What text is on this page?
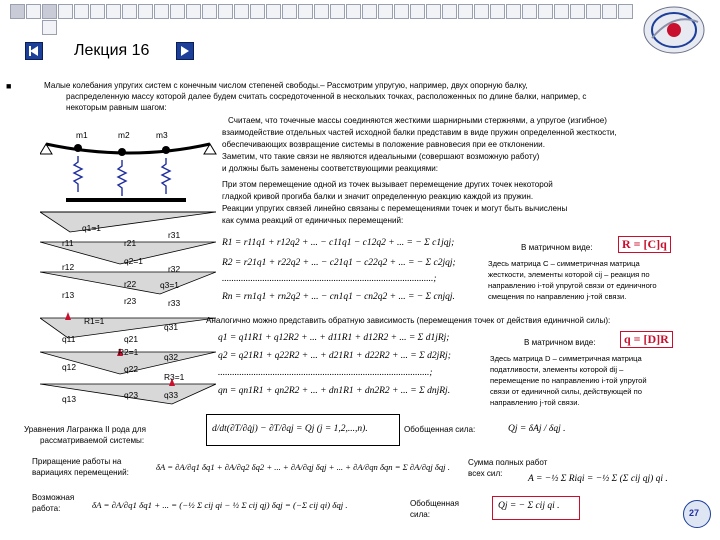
Лекция 16
■	Малые колебания упругих систем с конечным числом степеней свободы.– Рассмотрим упругую, например, двух опорную балку,
распределенную массу которой далее будем считать сосредоточенной в нескольких точках, расположенных по длине балки, например, с
некоторым равным шагом:
Считаем, что точечные массы соединяются жесткими шарнирными стержнями, а упругое (изгибное)
взаимодействие отдельных частей исходной балки представим в виде пружин определенной жесткости,
обеспечивающих возвращение системы в положение равновесия при ее отклонении.
Заметим, что такие связи не являются идеальными (совершают возможную работу)
и должны быть заменены соответствующими реакциями:
При этом перемещение одной из точек вызывает перемещение других точек некоторой
гладкой кривой прогиба балки и значит определенную реакцию каждой из пружин.
Реакции упругих связей линейно связаны с перемещениями точек и могут быть вычислены
как сумма реакций от единичных перемещений:
m1	m2	m3
q1=1
r11	r21
r31
q2=1
r12
r22
r32
q3=1
r13
r23	r33
R1=1
q11	q21
q31
R2=1
q12	q22
q32
R3=1
q13	q23	q33
R1 = r11q1 + r12q2 + ... − c11q1 − c12q2 + ... = − Σ c1jqj;
R2 = r21q1 + r22q2 + ... − c21q1 − c22q2 + ... = − Σ c2jqj;
.........................................................................................;
Rn = rn1q1 + rn2q2 + ... − cn1q1 − cn2q2 + ... = − Σ cnjqj.
В матричном виде:	R = [C]q
Здесь матрица C – симметричная матрица
жесткости, элементы которой cij – реакция по
направлению i-той упругой связи от единичного
смещения по направлению j-той связи.
Аналогично можно представить обратную зависимость (перемещения точек от действия единичной силы):
q1 = q11R1 + q12R2 + ... + d11R1 + d12R2 + ... = Σ d1jRj;
q2 = q21R1 + q22R2 + ... + d21R1 + d22R2 + ... = Σ d2jRj;
.........................................................................................;
qn = qn1R1 + qn2R2 + ... + dn1R1 + dn2R2 + ... = Σ dnjRj.
В матричном виде:	q = [D]R
Здесь матрица D – симметричная матрица
податливости, элементы которой dij –
перемещение по направлению i-той упругой
связи от единичной силы, действующей по
направлению j-той связи.
Уравнения Лагранжа II рода для
рассматриваемой системы:
d/dt(∂T/∂q̇j) − ∂T/∂qj = Qj (j = 1,2,...,n).	Обобщенная сила:	Qj = δAj / δqj .
Приращение работы на
вариациях перемещений:
δA = ∂A/∂q1 δq1 + ∂A/∂q2 δq2 + ... + ∂A/∂qj δqj + ... + ∂A/∂qn δqn = Σ ∂A/∂qj δqj . Сумма полных работ
всех сил:
A = −½ Σ Riqi = −½ Σ (Σ cij qj) qi .
Возможная
работа:	δA = ∂A/∂q1 δq1 + ... = (−½ Σ cij qi − ½ Σ cij qj) δqj = (−Σ cij qi) δqj .	Обобщенная
сила:
Qj = − Σ cij qi .
27
